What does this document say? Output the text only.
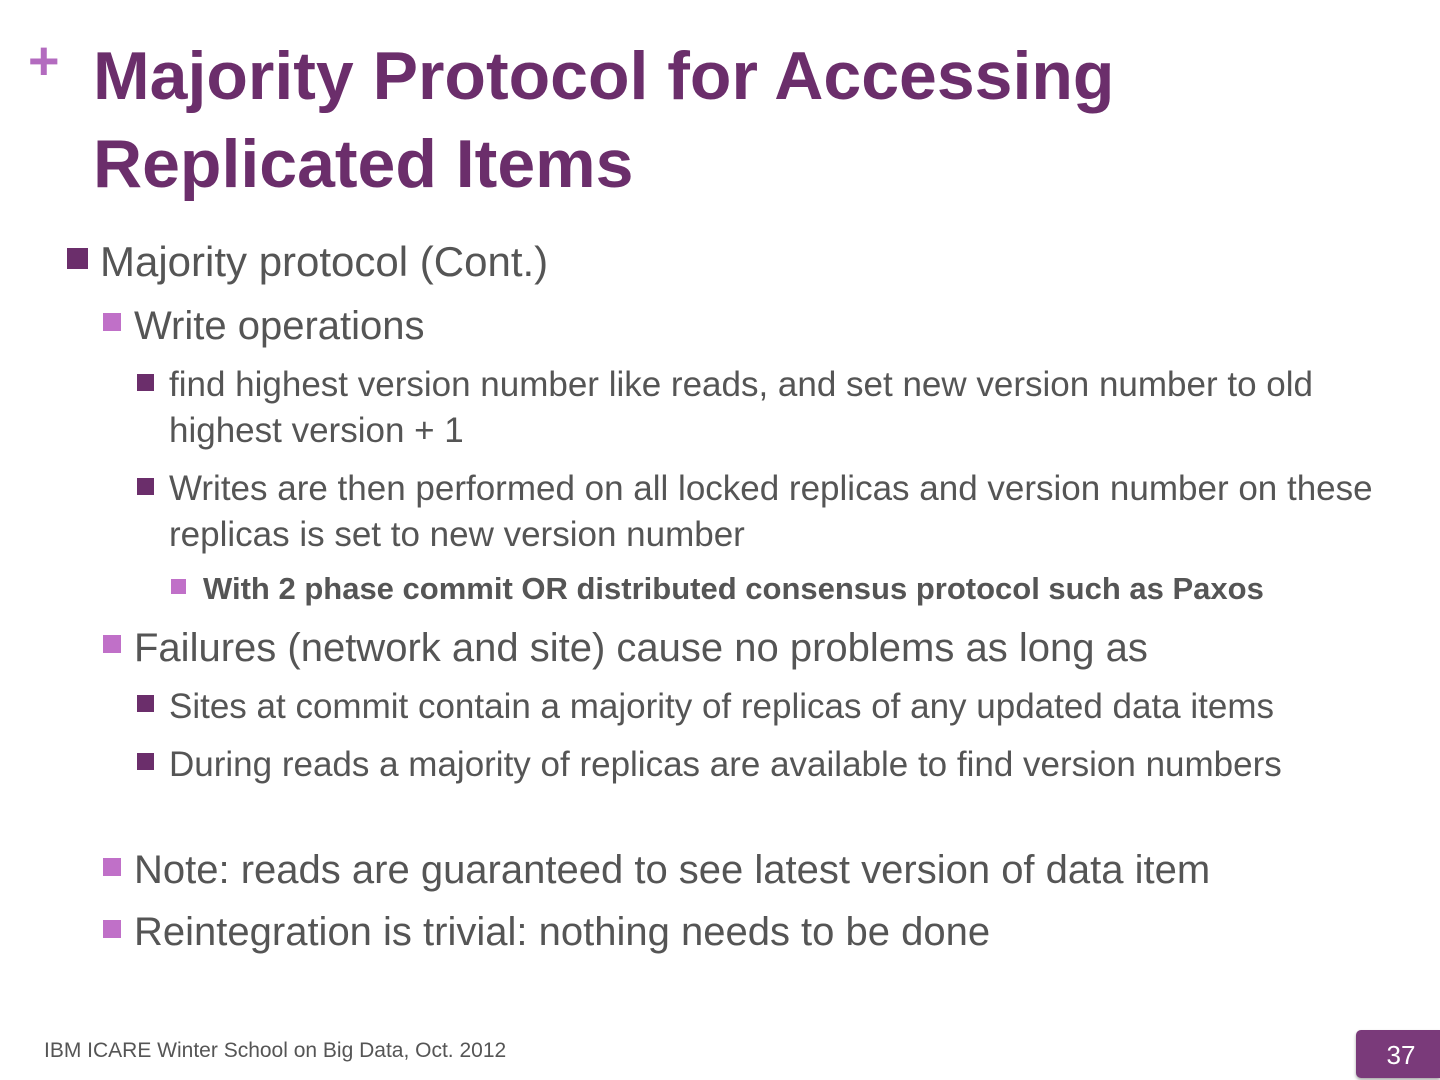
+ Majority Protocol for Accessing Replicated Items
Majority protocol (Cont.)
Write operations
find highest version number like reads, and set new version number to old highest version + 1
Writes are then performed on all locked replicas and version number on these replicas is set to new version number
With 2 phase commit OR distributed consensus protocol such as Paxos
Failures (network and site) cause no problems as long as
Sites at commit contain a majority of replicas of any updated data items
During reads a majority of replicas are available to find version numbers
Note: reads are guaranteed to see latest version of data item
Reintegration is trivial: nothing needs to be done
IBM ICARE Winter School on Big Data, Oct. 2012	37
